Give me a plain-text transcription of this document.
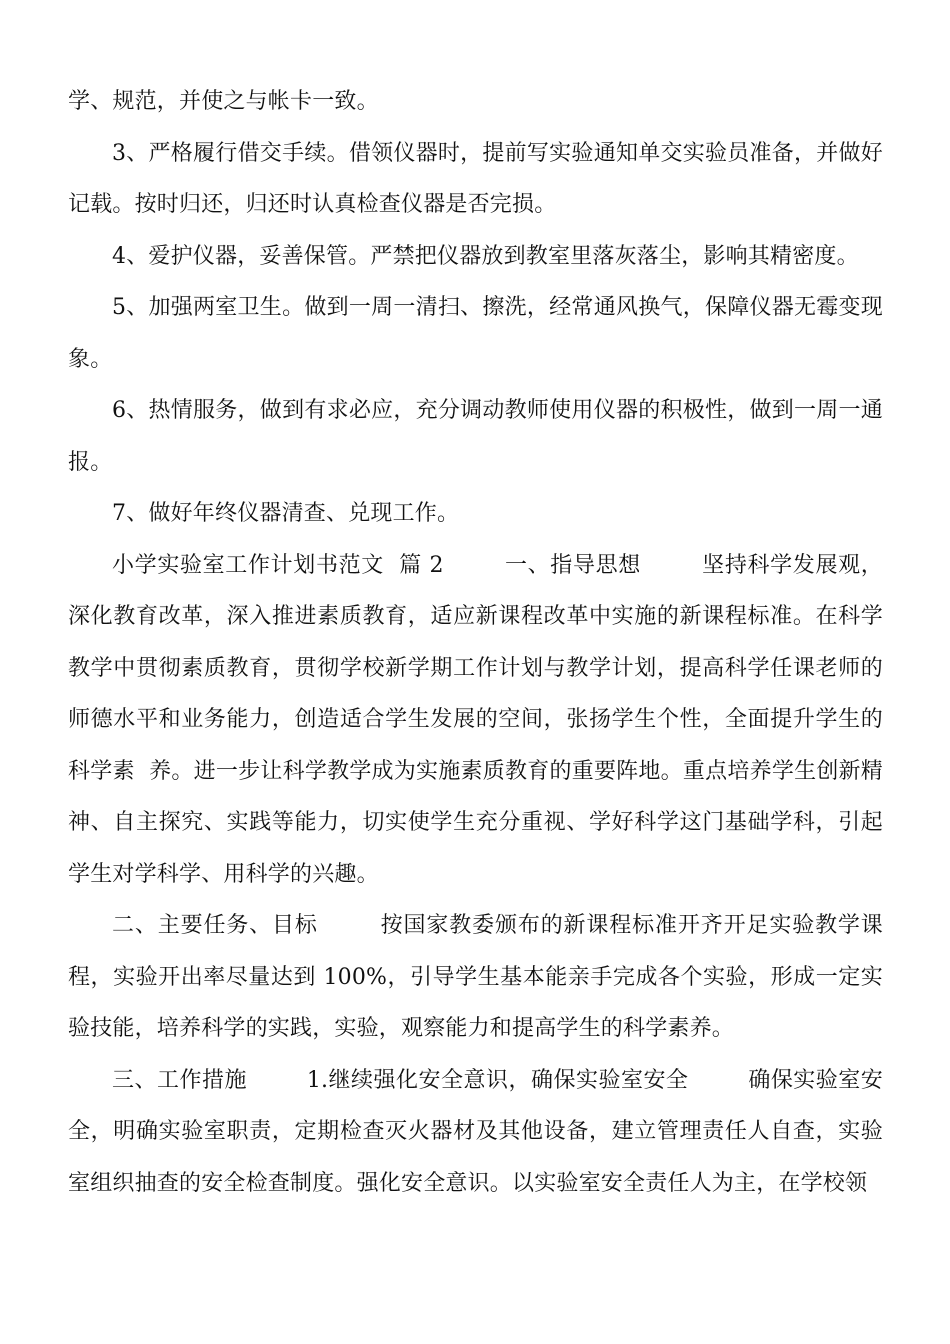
学、规范，并使之与帐卡一致。

3、严格履行借交手续。借领仪器时，提前写实验通知单交实验员准备，并做好记载。按时归还，归还时认真检查仪器是否完损。

4、爱护仪器，妥善保管。严禁把仪器放到教室里落灰落尘，影响其精密度。

5、加强两室卫生。做到一周一清扫、擦洗，经常通风换气，保障仪器无霉变现象。

6、热情服务，做到有求必应，充分调动教师使用仪器的积极性，做到一周一通报。

7、做好年终仪器清查、兑现工作。

小学实验室工作计划书范文  篇 2        一、指导思想        坚持科学发展观，深化教育改革，深入推进素质教育，适应新课程改革中实施的新课程标准。在科学教学中贯彻素质教育，贯彻学校新学期工作计划与教学计划，提高科学任课老师的师德水平和业务能力，创造适合学生发展的空间，张扬学生个性，全面提升学生的科学素  养。进一步让科学教学成为实施素质教育的重要阵地。重点培养学生创新精神、自主探究、实践等能力，切实使学生充分重视、学好科学这门基础学科，引起学生对学科学、用科学的兴趣。

二、主要任务、目标        按国家教委颁布的新课程标准开齐开足实验教学课程，实验开出率尽量达到 100%，引导学生基本能亲手完成各个实验，形成一定实验技能，培养科学的实践，实验，观察能力和提高学生的科学素养。

三、工作措施        1.继续强化安全意识，确保实验室安全        确保实验室安全，明确实验室职责，定期检查灭火器材及其他设备，建立管理责任人自查，实验室组织抽查的安全检查制度。强化安全意识。以实验室安全责任人为主，在学校领
